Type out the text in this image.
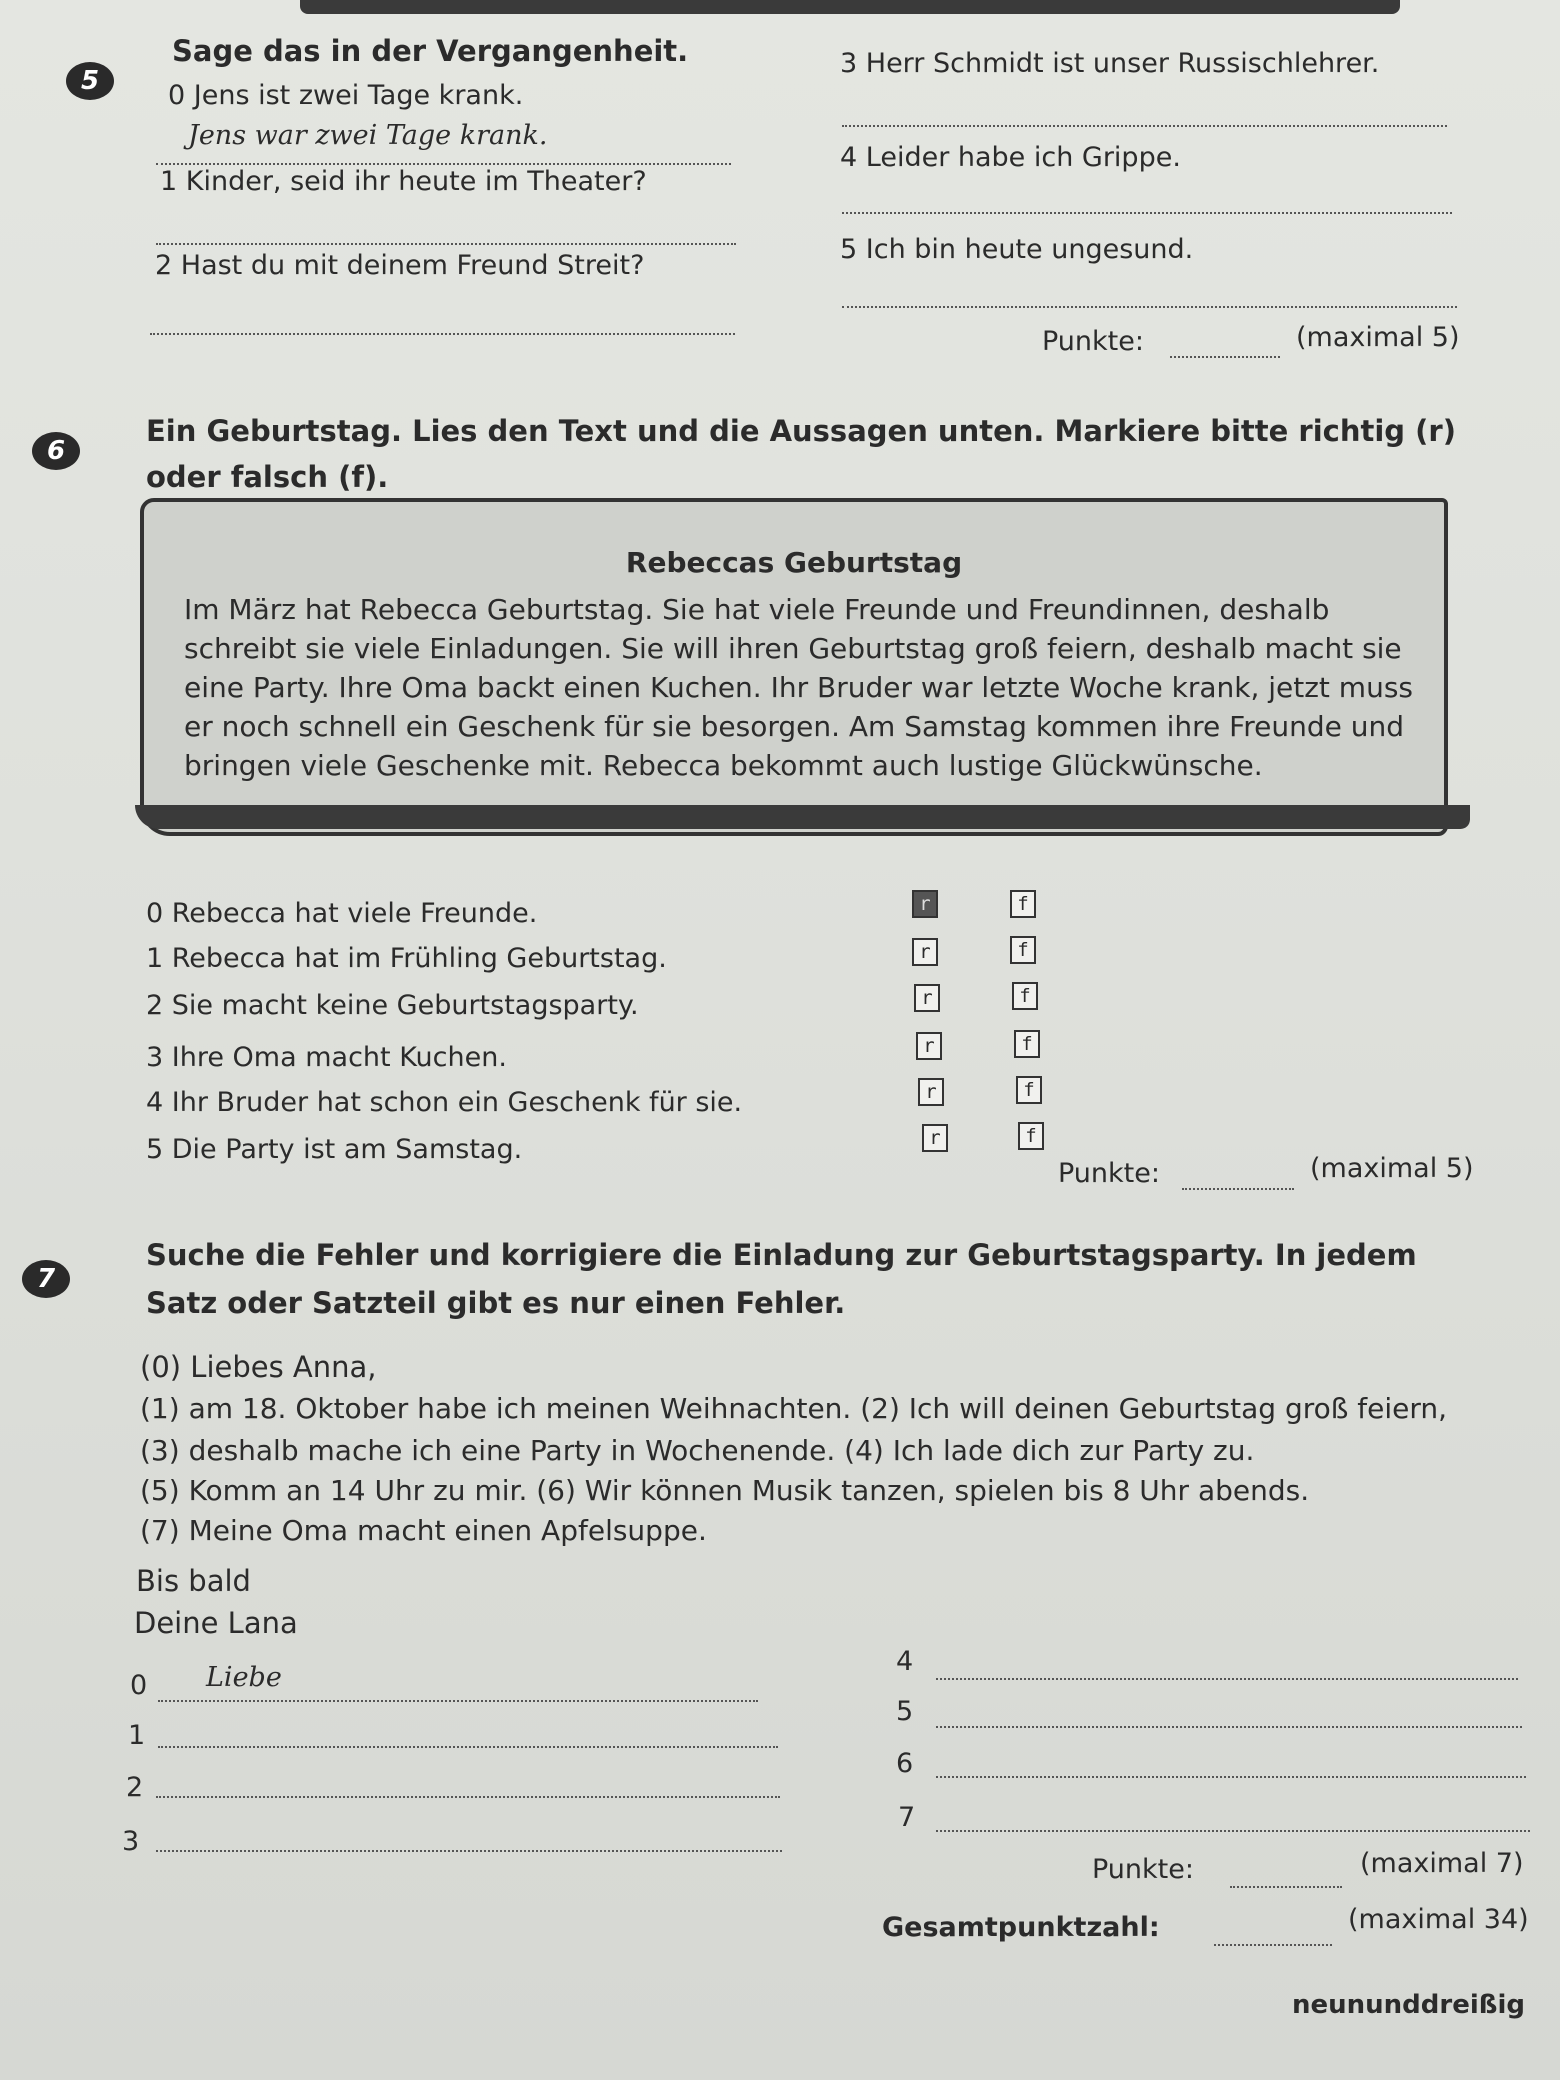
5
Sage das in der Vergangenheit.
0 Jens ist zwei Tage krank.
Jens war zwei Tage krank.
1 Kinder, seid ihr heute im Theater?
2 Hast du mit deinem Freund Streit?
3 Herr Schmidt ist unser Russischlehrer.
4 Leider habe ich Grippe.
5 Ich bin heute ungesund.
Punkte:	(maximal 5)
6
Ein Geburtstag. Lies den Text und die Aussagen unten. Markiere bitte richtig (r)
oder falsch (f).
Rebeccas Geburtstag
Im März hat Rebecca Geburtstag. Sie hat viele Freunde und Freundinnen, deshalb
schreibt sie viele Einladungen. Sie will ihren Geburtstag groß feiern, deshalb macht sie
eine Party. Ihre Oma backt einen Kuchen. Ihr Bruder war letzte Woche krank, jetzt muss
er noch schnell ein Geschenk für sie besorgen. Am Samstag kommen ihre Freunde und
bringen viele Geschenke mit. Rebecca bekommt auch lustige Glückwünsche.
0 Rebecca hat viele Freunde.	r	f
1 Rebecca hat im Frühling Geburtstag.	r	f
2 Sie macht keine Geburtstagsparty.	r	f
3 Ihre Oma macht Kuchen.	r	f
4 Ihr Bruder hat schon ein Geschenk für sie.	r	f
5 Die Party ist am Samstag.	r	f
Punkte:	(maximal 5)
7
Suche die Fehler und korrigiere die Einladung zur Geburtstagsparty. In jedem
Satz oder Satzteil gibt es nur einen Fehler.
(0) Liebes Anna,
(1) am 18. Oktober habe ich meinen Weihnachten. (2) Ich will deinen Geburtstag groß feiern,
(3) deshalb mache ich eine Party in Wochenende. (4) Ich lade dich zur Party zu.
(5) Komm an 14 Uhr zu mir. (6) Wir können Musik tanzen, spielen bis 8 Uhr abends.
(7) Meine Oma macht einen Apfelsuppe.
Bis bald
Deine Lana
0 Liebe
1
2
3
4
5
6
7
Punkte:	(maximal 7)
Gesamtpunktzahl:	(maximal 34)
neununddreißig
